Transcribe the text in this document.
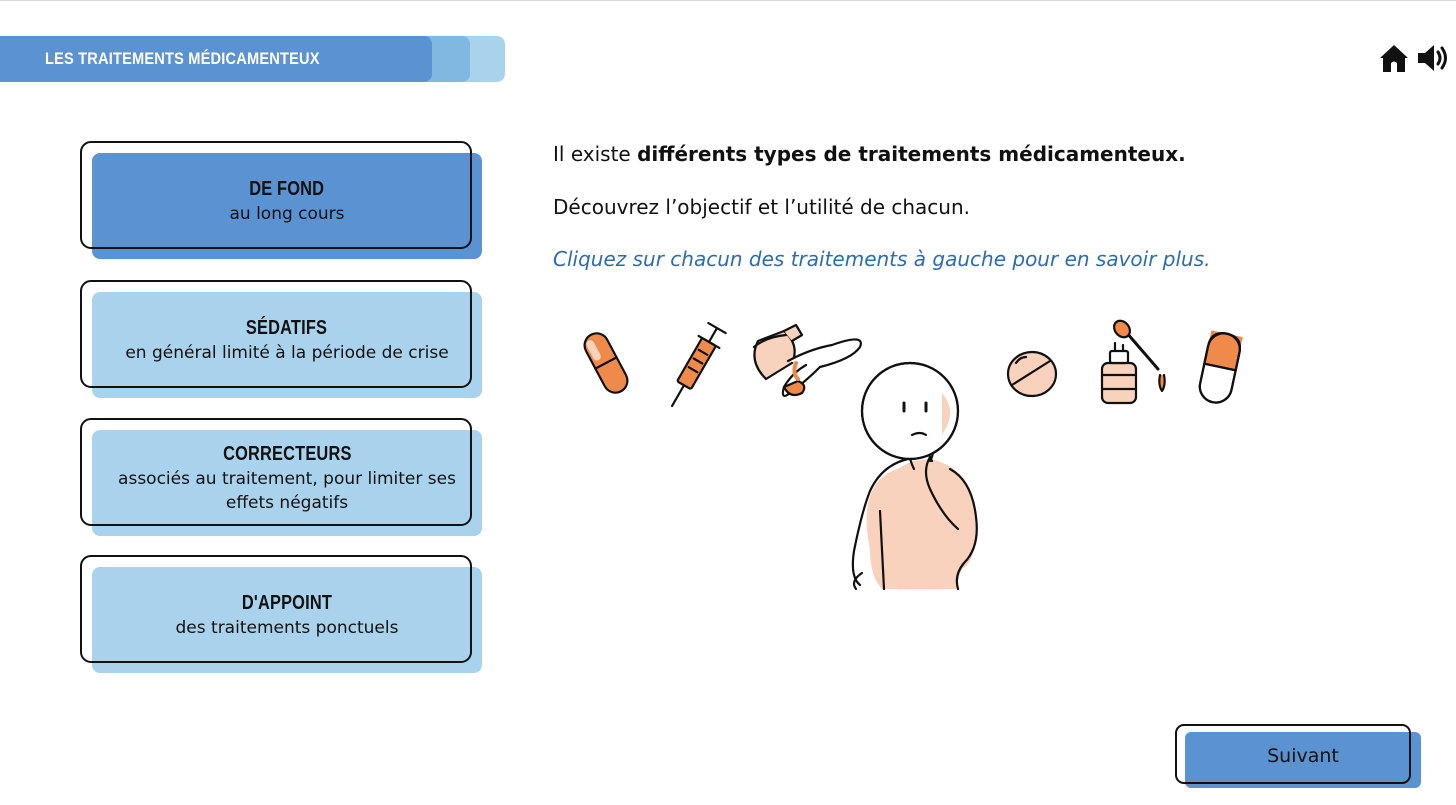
LES TRAITEMENTS MÉDICAMENTEUX
DE FOND
au long cours
SÉDATIFS
en général limité à la période de crise
CORRECTEURS
associés au traitement, pour limiter ses effets négatifs
D'APPOINT
des traitements ponctuels
Il existe différents types de traitements médicamenteux.
Découvrez l’objectif et l’utilité de chacun.
Cliquez sur chacun des traitements à gauche pour en savoir plus.
Suivant
